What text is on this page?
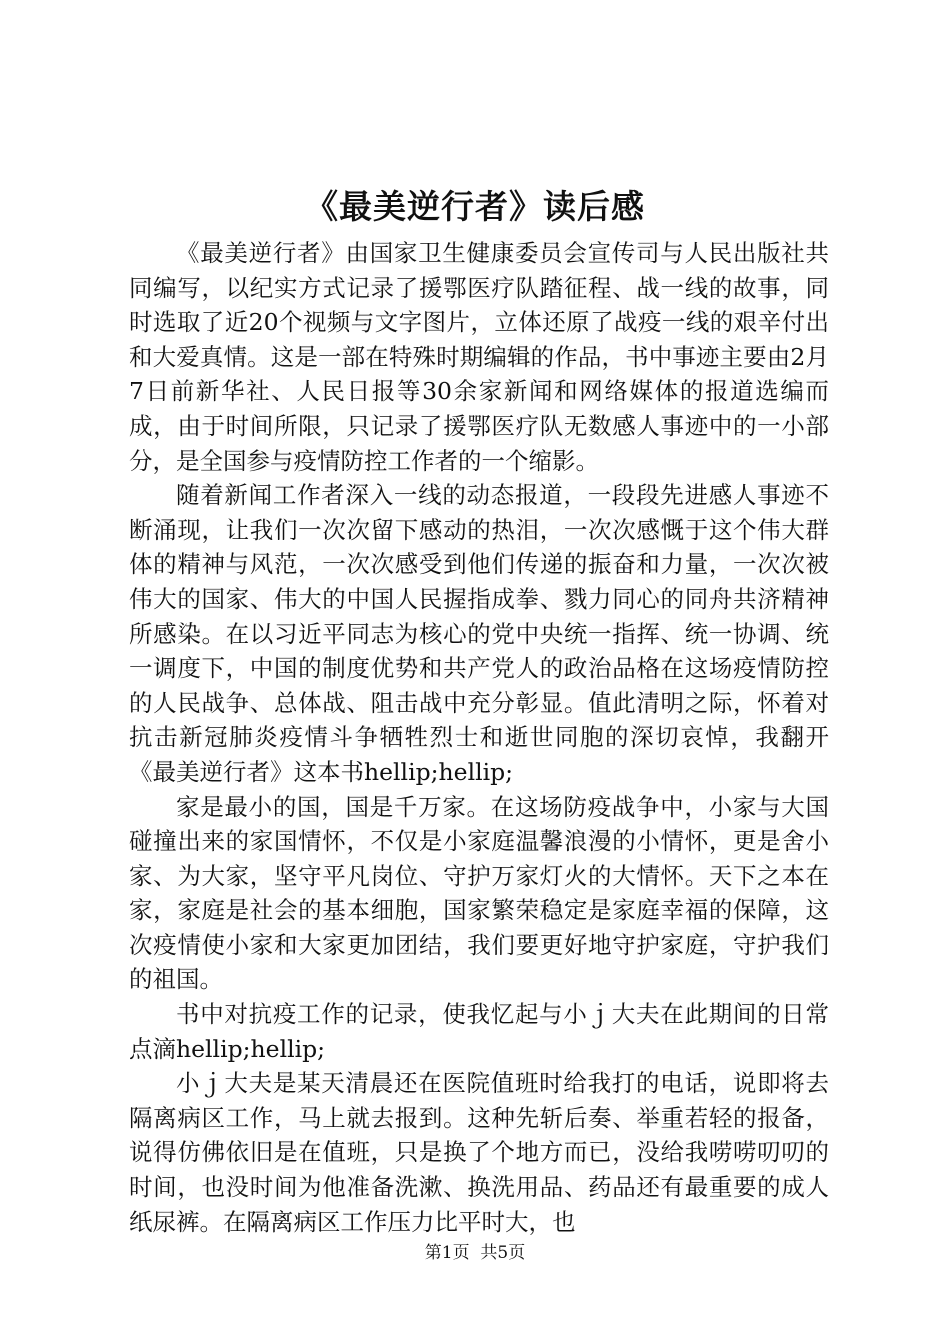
《最美逆行者》读后感

《最美逆行者》由国家卫生健康委员会宣传司与人民出版社共同编写，以纪实方式记录了援鄂医疗队踏征程、战一线的故事，同时选取了近20个视频与文字图片，立体还原了战疫一线的艰辛付出和大爱真情。这是一部在特殊时期编辑的作品，书中事迹主要由2月7日前新华社、人民日报等30余家新闻和网络媒体的报道选编而成，由于时间所限，只记录了援鄂医疗队无数感人事迹中的一小部分，是全国参与疫情防控工作者的一个缩影。

随着新闻工作者深入一线的动态报道，一段段先进感人事迹不断涌现，让我们一次次留下感动的热泪，一次次感慨于这个伟大群体的精神与风范，一次次感受到他们传递的振奋和力量，一次次被伟大的国家、伟大的中国人民握指成拳、戮力同心的同舟共济精神所感染。在以习近平同志为核心的党中央统一指挥、统一协调、统一调度下，中国的制度优势和共产党人的政治品格在这场疫情防控的人民战争、总体战、阻击战中充分彰显。值此清明之际，怀着对抗击新冠肺炎疫情斗争牺牲烈士和逝世同胞的深切哀悼，我翻开《最美逆行者》这本书hellip;hellip;

家是最小的国，国是千万家。在这场防疫战争中，小家与大国碰撞出来的家国情怀，不仅是小家庭温馨浪漫的小情怀，更是舍小家、为大家，坚守平凡岗位、守护万家灯火的大情怀。天下之本在家，家庭是社会的基本细胞，国家繁荣稳定是家庭幸福的保障，这次疫情使小家和大家更加团结，我们要更好地守护家庭，守护我们的祖国。

书中对抗疫工作的记录，使我忆起与小ｊ大夫在此期间的日常点滴hellip;hellip;

小ｊ大夫是某天清晨还在医院值班时给我打的电话，说即将去隔离病区工作，马上就去报到。这种先斩后奏、举重若轻的报备，说得仿佛依旧是在值班，只是换了个地方而已，没给我唠唠叨叨的时间，也没时间为他准备洗漱、换洗用品、药品还有最重要的成人纸尿裤。在隔离病区工作压力比平时大，也

第1页 共5页
